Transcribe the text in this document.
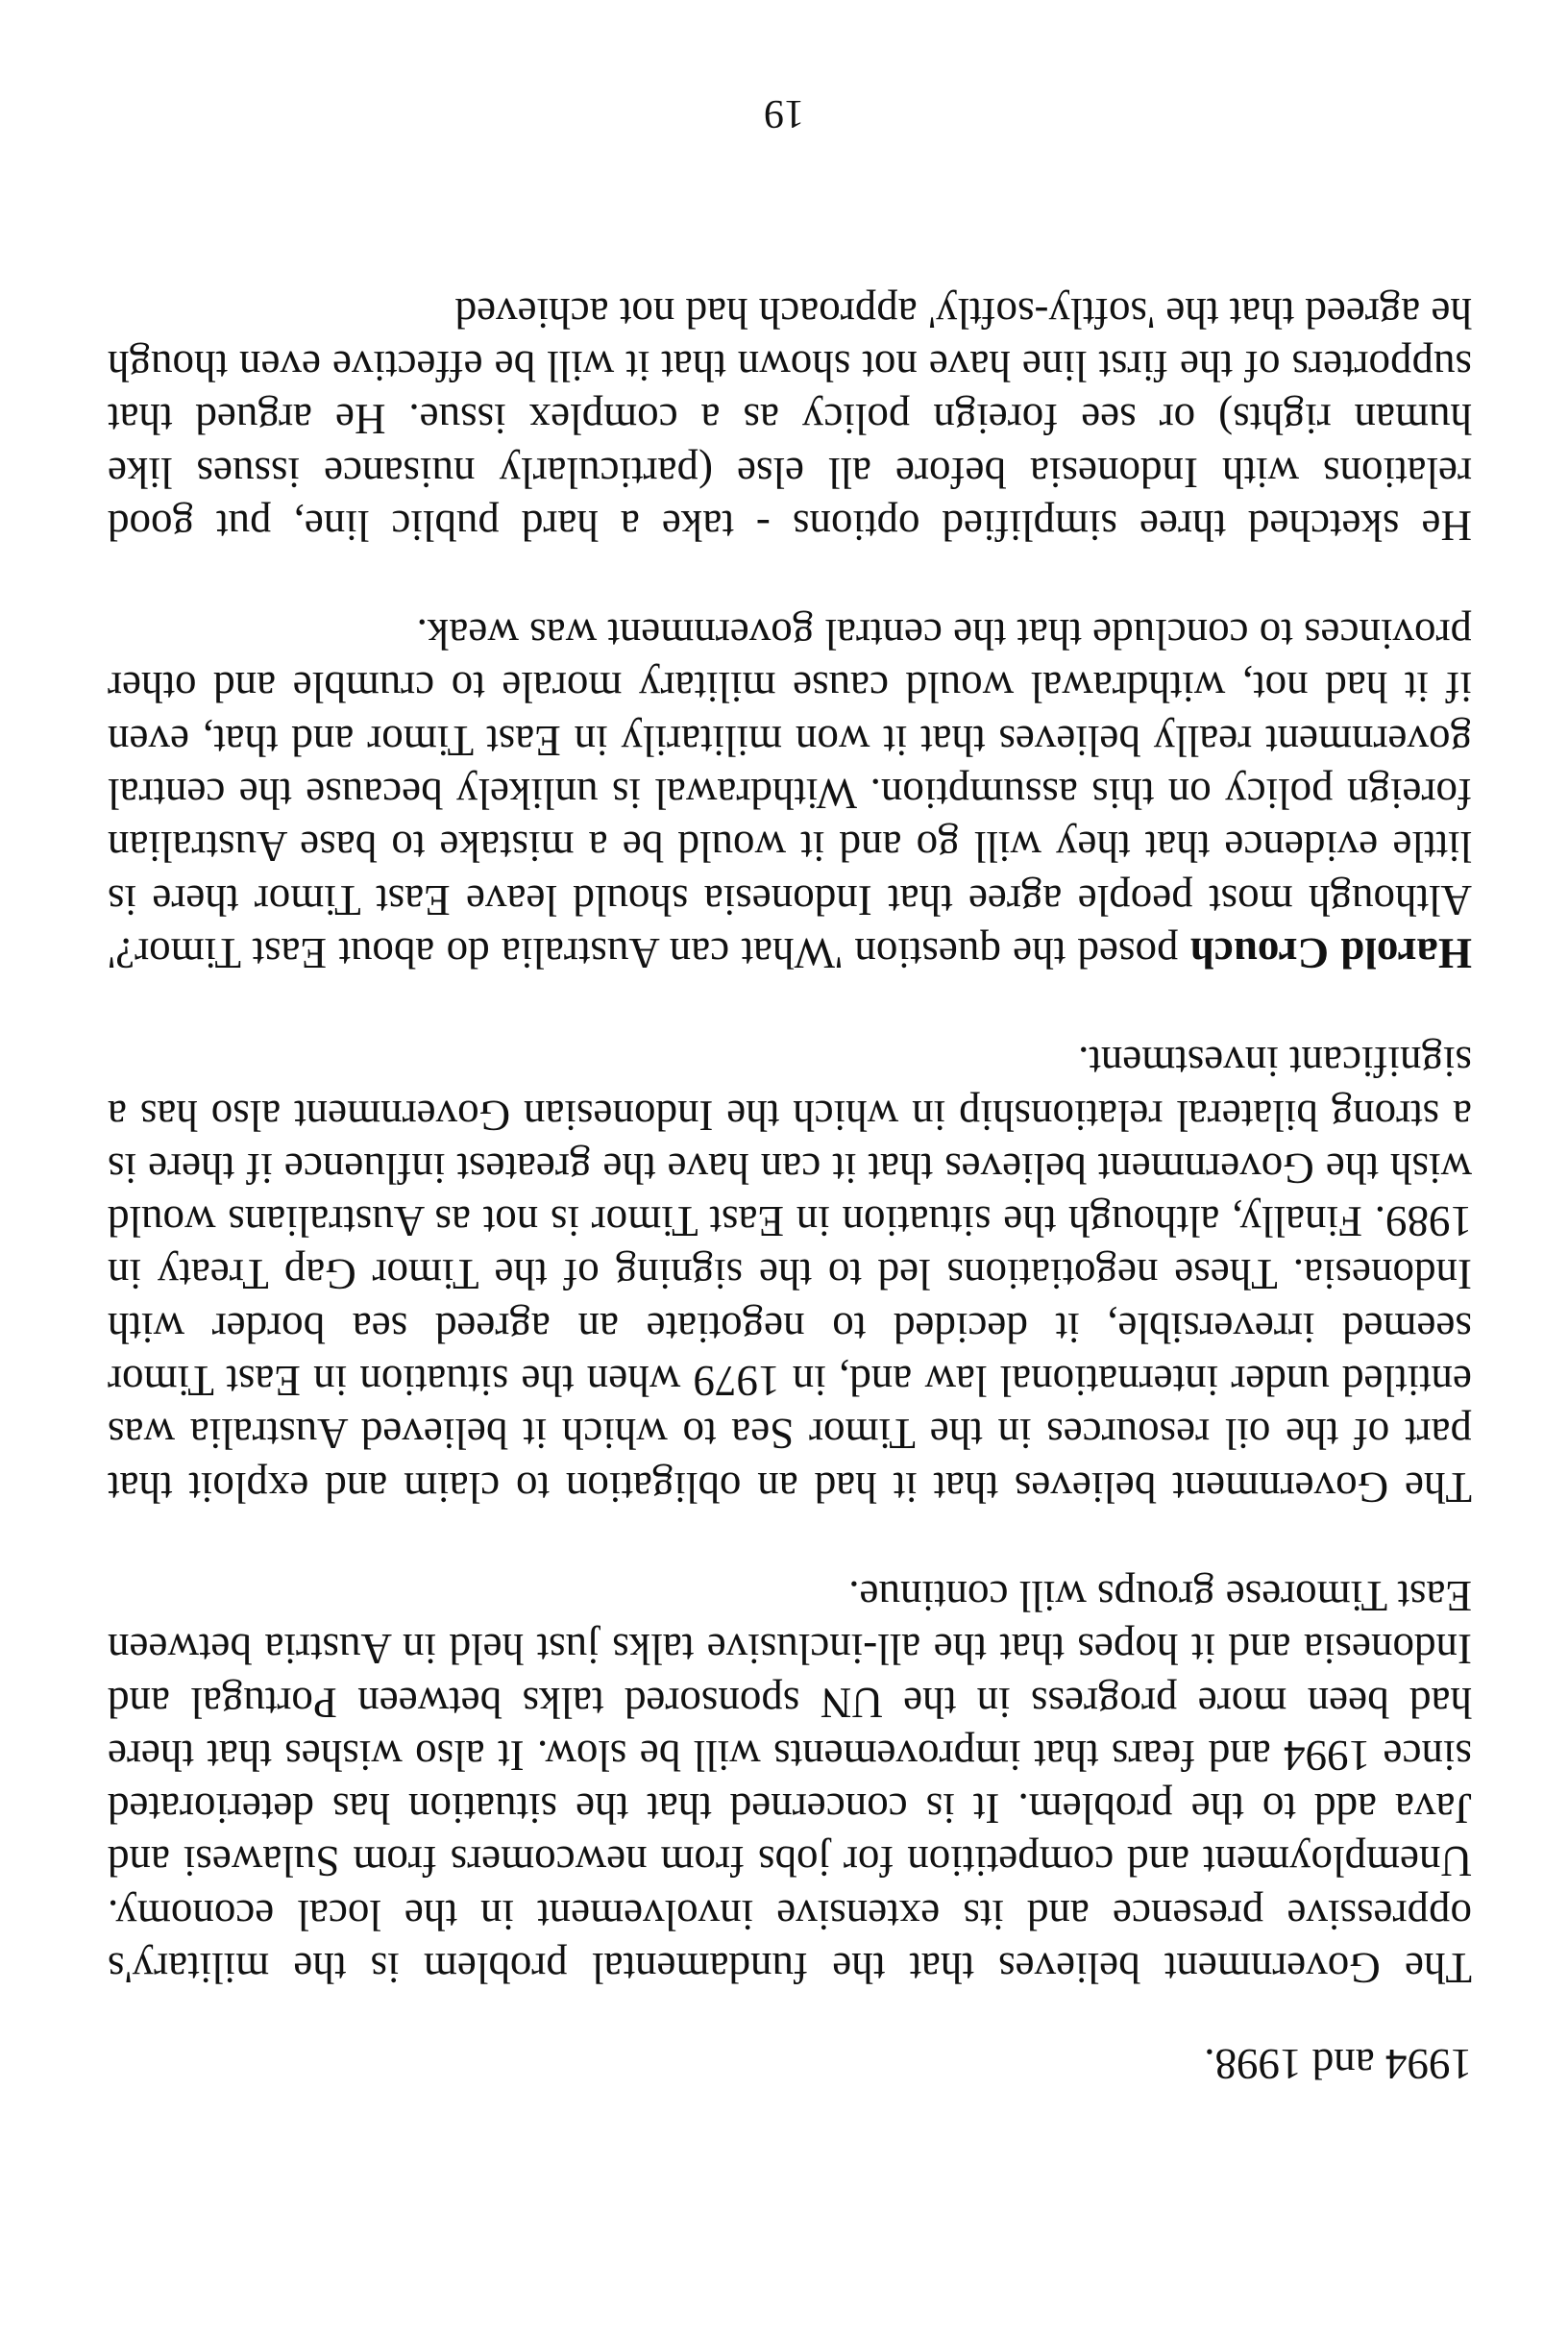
1994 and 1998.

The Government believes that the fundamental problem is the military's oppressive presence and its extensive involvement in the local economy. Unemployment and competition for jobs from newcomers from Sulawesi and Java add to the problem. It is concerned that the situation has deteriorated since 1994 and fears that improvements will be slow. It also wishes that there had been more progress in the UN sponsored talks between Portugal and Indonesia and it hopes that the all-inclusive talks just held in Austria between East Timorese groups will continue.

The Government believes that it had an obligation to claim and exploit that part of the oil resources in the Timor Sea to which it believed Australia was entitled under international law and, in 1979 when the situation in East Timor seemed irreversible, it decided to negotiate an agreed sea border with Indonesia. These negotiations led to the signing of the Timor Gap Treaty in 1989. Finally, although the situation in East Timor is not as Australians would wish the Government believes that it can have the greatest influence if there is a strong bilateral relationship in which the Indonesian Government also has a significant investment.

Harold Crouch posed the question 'What can Australia do about East Timor?' Although most people agree that Indonesia should leave East Timor there is little evidence that they will go and it would be a mistake to base Australian foreign policy on this assumption. Withdrawal is unlikely because the central government really believes that it won militarily in East Timor and that, even if it had not, withdrawal would cause military morale to crumble and other provinces to conclude that the central government was weak.

He sketched three simplified options - take a hard public line, put good relations with Indonesia before all else (particularly nuisance issues like human rights) or see foreign policy as a complex issue. He argued that supporters of the first line have not shown that it will be effective even though he agreed that the 'softly-softly' approach had not achieved

19
